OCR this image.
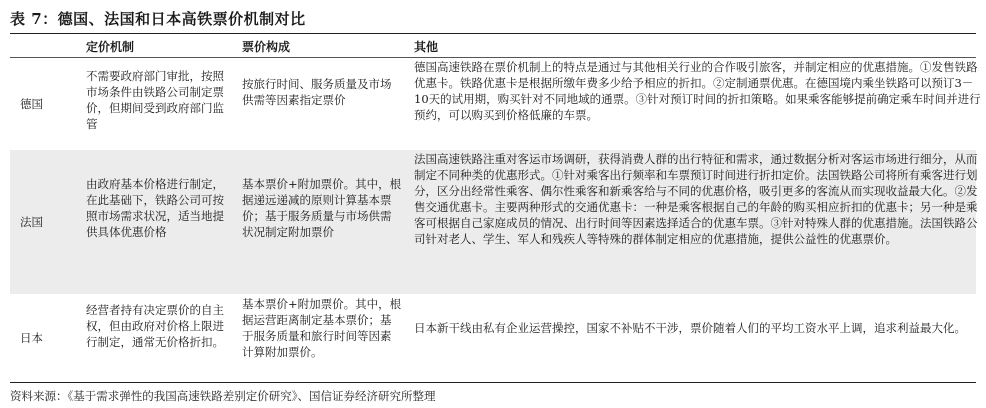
表 7：德国、法国和日本高铁票价机制对比
定价机制	票价构成	其他
德国
不需要政府部门审批，按照市场条件由铁路公司制定票价，但期间受到政府部门监管
按旅行时间、服务质量及市场供需等因素指定票价
德国高速铁路在票价机制上的特点是通过与其他相关行业的合作吸引旅客，并制定相应的优惠措施。①发售铁路优惠卡。铁路优惠卡是根据所缴年费多少给予相应的折扣。②定制通票优惠。在德国境内乘坐铁路可以预订3－10天的试用期，购买针对不同地域的通票。③针对预订时间的折扣策略。如果乘客能够提前确定乘车时间并进行预约，可以购买到价格低廉的车票。
法国
由政府基本价格进行制定，在此基础下，铁路公司可按照市场需求状况，适当地提供具体优惠价格
基本票价+附加票价。其中，根据递远递减的原则计算基本票价；基于服务质量与市场供需状况制定附加票价
法国高速铁路注重对客运市场调研，获得消费人群的出行特征和需求，通过数据分析对客运市场进行细分，从而制定不同种类的优惠形式。①针对乘客出行频率和车票预订时间进行折扣定价。法国铁路公司将所有乘客进行划分，区分出经常性乘客、偶尔性乘客和新乘客给与不同的优惠价格，吸引更多的客流从而实现收益最大化。②发售交通优惠卡。主要两种形式的交通优惠卡：一种是乘客根据自己的年龄的购买相应折扣的优惠卡；另一种是乘客可根据自己家庭成员的情况、出行时间等因素选择适合的优惠车票。③针对特殊人群的优惠措施。法国铁路公司针对老人、学生、军人和残疾人等特殊的群体制定相应的优惠措施，提供公益性的优惠票价。
日本
经营者持有决定票价的自主权，但由政府对价格上限进行制定，通常无价格折扣。
基本票价+附加票价。其中，根据运营距离制定基本票价；基于服务质量和旅行时间等因素计算附加票价。
日本新干线由私有企业运营操控，国家不补贴不干涉，票价随着人们的平均工资水平上调，追求利益最大化。
资料来源：《基于需求弹性的我国高速铁路差别定价研究》、国信证券经济研究所整理
